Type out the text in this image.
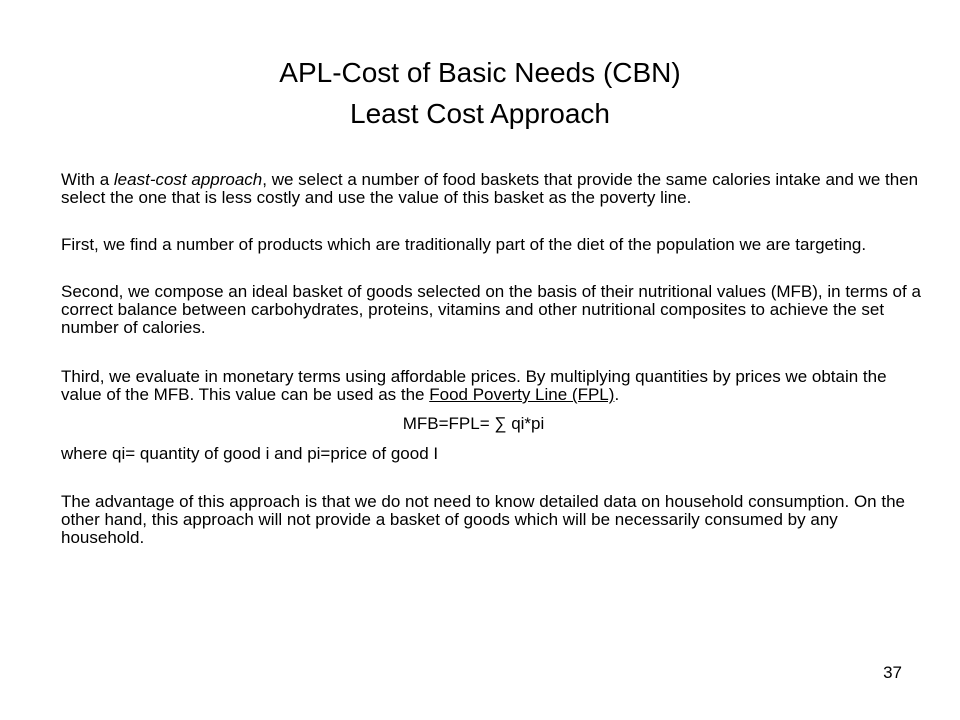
APL-Cost of Basic Needs (CBN)
Least Cost Approach

With a least-cost approach, we select a number of food baskets that provide the same calories intake and we then select the one that is less costly and use the value of this basket as the poverty line.

First, we find a number of products which are traditionally part of the diet of the population we are targeting.

Second, we compose an ideal basket of goods selected on the basis of their nutritional values (MFB), in terms of a correct balance between carbohydrates, proteins, vitamins and other nutritional composites to achieve the set number of calories.

Third, we evaluate in monetary terms using affordable prices. By multiplying quantities by prices we obtain the value of the MFB. This value can be used as the Food Poverty Line (FPL).

MFB=FPL= ∑ qi*pi
where qi= quantity of good i and pi=price of good I

The advantage of this approach is that we do not need to know detailed data on household consumption. On the other hand, this approach will not provide a basket of goods which will be necessarily consumed by any household.

37
